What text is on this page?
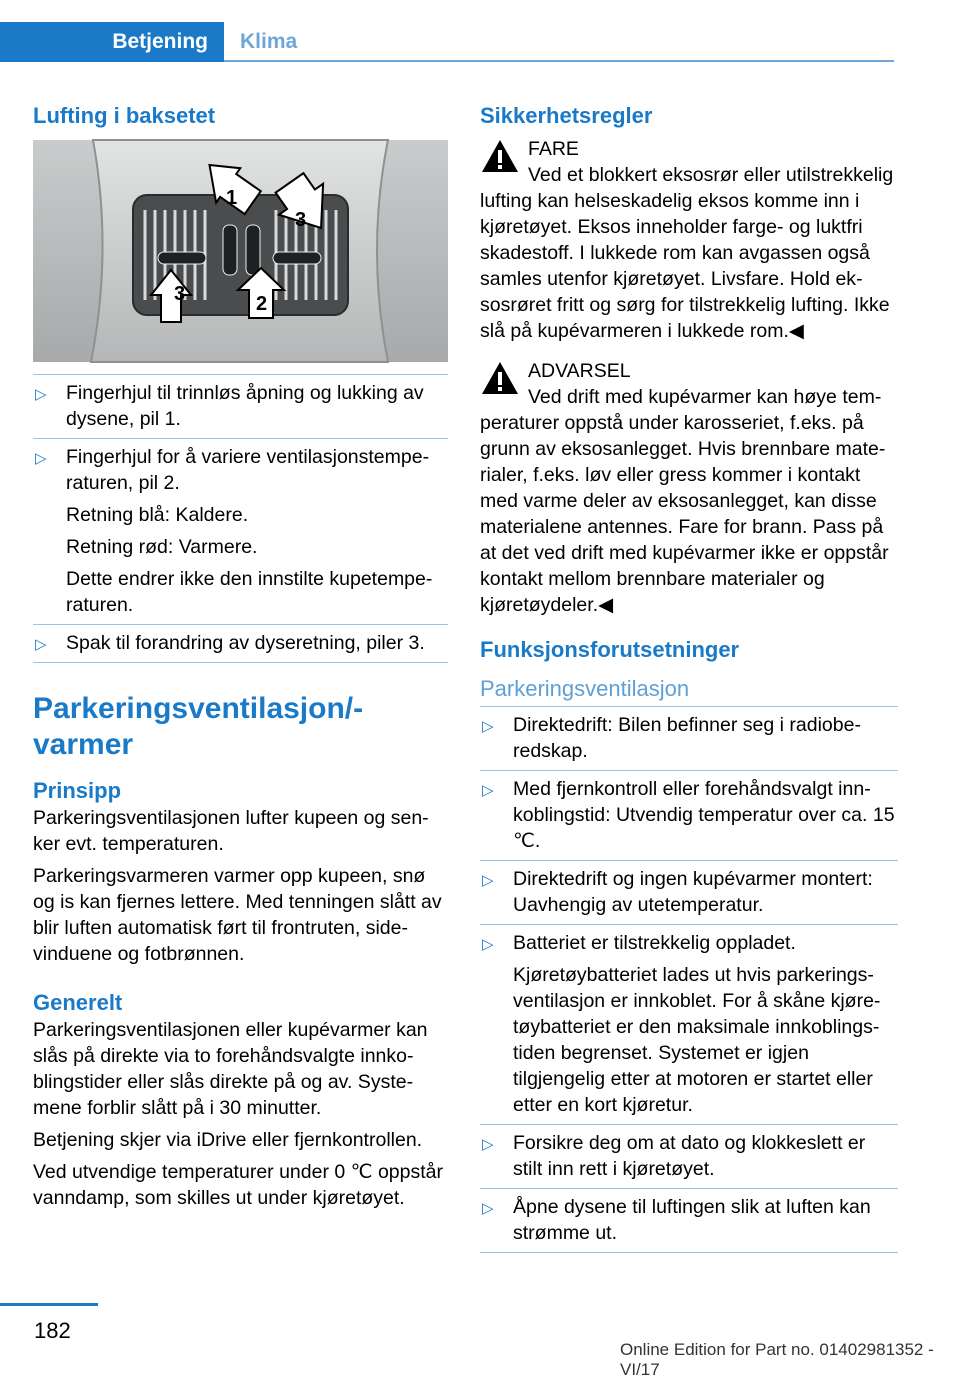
Betjening Klima
Lufting i baksetet
1
2
3
3
▷ Fingerhjul til trinnløs åpning og lukking av dysene, pil 1.

▷ Fingerhjul for å variere ventilasjonstemperaturen, pil 2.

Retning blå: Kaldere.

Retning rød: Varmere.

Dette endrer ikke den innstilte kupetemperaturen.

▷ Spak til forandring av dyseretning, piler 3.

Parkeringsventilasjon/-varmer
Prinsipp

Parkeringsventilasjonen lufter kupeen og senker evt. temperaturen.

Parkeringsvarmeren varmer opp kupeen, snø og is kan fjernes lettere. Med tenningen slått av blir luften automatisk ført til frontruten, sidevinduene og fotbrønnen.

Generelt

Parkeringsventilasjonen eller kupévarmer kan slås på direkte via to forehåndsvalgte innkoblingstider eller slås direkte på og av. Systemene forblir slått på i 30 minutter.

Betjening skjer via iDrive eller fjernkontrollen.

Ved utvendige temperaturer under 0 ℃ oppstår vanndamp, som skilles ut under kjøretøyet.

Sikkerhetsregler
FARE

Ved et blokkert eksosrør eller utilstrekkelig lufting kan helseskadelig eksos komme inn i kjøretøyet. Eksos inneholder farge- og luktfri skadestoff. I lukkede rom kan avgassen også samles utenfor kjøretøyet. Livsfare. Hold eksosrøret fritt og sørg for tilstrekkelig lufting. Ikke slå på kupévarmeren i lukkede rom.◀

ADVARSEL

Ved drift med kupévarmer kan høye temperaturer oppstå under karosseriet, f.eks. på grunn av eksosanlegget. Hvis brennbare materialer, f.eks. løv eller gress kommer i kontakt med varme deler av eksosanlegget, kan disse materialene antennes. Fare for brann. Pass på at det ved drift med kupévarmer ikke er oppstår kontakt mellom brennbare materialer og kjøretøydeler.◀

Funksjonsforutsetninger
Parkeringsventilasjon
▷ Direktedrift: Bilen befinner seg i radioberedskap.

▷ Med fjernkontroll eller forehåndsvalgt innkoblingstid: Utvendig temperatur over ca. 15 ℃.

▷ Direktedrift og ingen kupévarmer montert: Uavhengig av utetemperatur.

▷ Batteriet er tilstrekkelig oppladet.

Kjøretøybatteriet lades ut hvis parkeringsventilasjon er innkoblet. For å skåne kjøretøybatteriet er den maksimale innkoblingstiden begrenset. Systemet er igjen tilgjengelig etter at motoren er startet eller etter en kort kjøretur.

▷ Forsikre deg om at dato og klokkeslett er stilt inn rett i kjøretøyet.

▷ Åpne dysene til luftingen slik at luften kan strømme ut.

182
Online Edition for Part no. 01402981352 - VI/17
